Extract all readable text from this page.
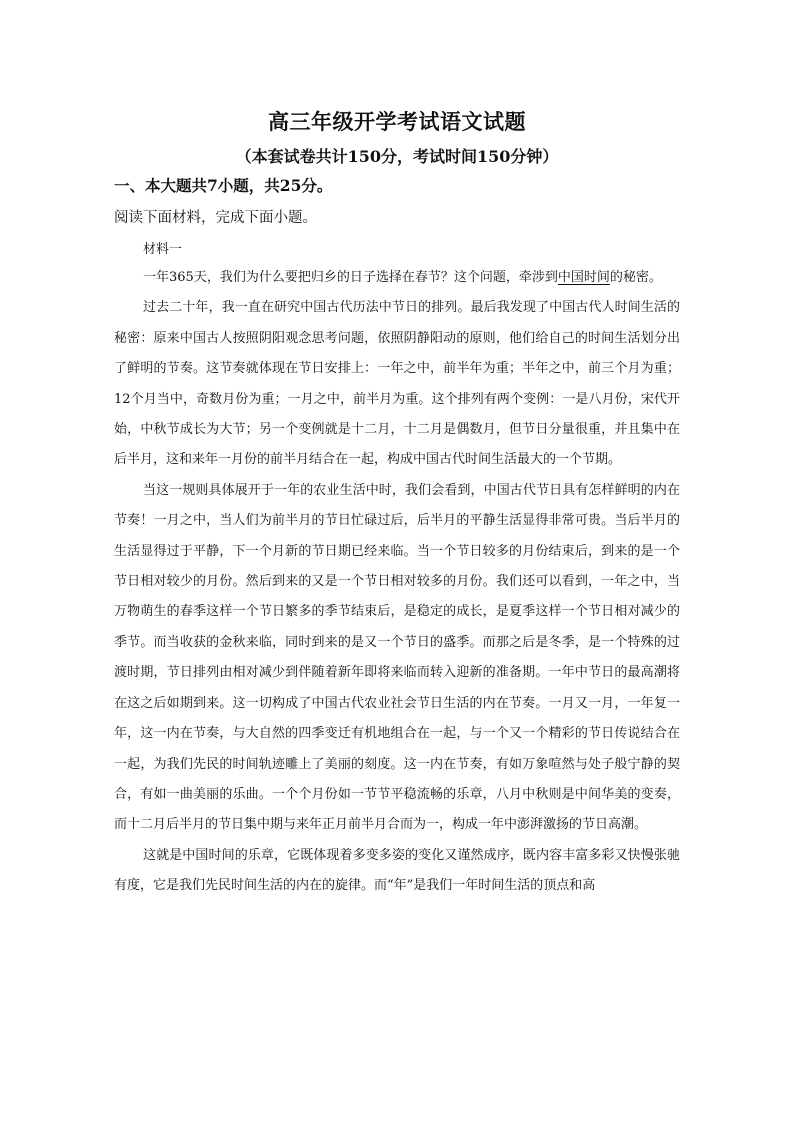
高三年级开学考试语文试题
（本套试卷共计150分，考试时间150分钟）
一、本大题共7小题，共25分。
阅读下面材料，完成下面小题。
材料一

一年365天，我们为什么要把归乡的日子选择在春节？这个问题，牵涉到中国时间的秘密。

过去二十年，我一直在研究中国古代历法中节日的排列。最后我发现了中国古代人时间生活的秘密：原来中国古人按照阴阳观念思考问题，依照阴静阳动的原则，他们给自己的时间生活划分出了鲜明的节奏。这节奏就体现在节日安排上：一年之中，前半年为重；半年之中，前三个月为重；12个月当中，奇数月份为重；一月之中，前半月为重。这个排列有两个变例：一是八月份，宋代开始，中秋节成长为大节；另一个变例就是十二月，十二月是偶数月，但节日分量很重，并且集中在后半月，这和来年一月份的前半月结合在一起，构成中国古代时间生活最大的一个节期。

当这一规则具体展开于一年的农业生活中时，我们会看到，中国古代节日具有怎样鲜明的内在节奏！一月之中，当人们为前半月的节日忙碌过后，后半月的平静生活显得非常可贵。当后半月的生活显得过于平静，下一个月新的节日期已经来临。当一个节日较多的月份结束后，到来的是一个节日相对较少的月份。然后到来的又是一个节日相对较多的月份。我们还可以看到，一年之中，当万物萌生的春季这样一个节日繁多的季节结束后，是稳定的成长，是夏季这样一个节日相对减少的季节。而当收获的金秋来临，同时到来的是又一个节日的盛季。而那之后是冬季，是一个特殊的过渡时期，节日排列由相对减少到伴随着新年即将来临而转入迎新的准备期。一年中节日的最高潮将在这之后如期到来。这一切构成了中国古代农业社会节日生活的内在节奏。一月又一月，一年复一年，这一内在节奏，与大自然的四季变迁有机地组合在一起，与一个又一个精彩的节日传说结合在一起，为我们先民的时间轨迹雕上了美丽的刻度。这一内在节奏，有如万象喧然与处子般宁静的契合，有如一曲美丽的乐曲。一个个月份如一节节平稳流畅的乐章，八月中秋则是中间华美的变奏，而十二月后半月的节日集中期与来年正月前半月合而为一，构成一年中澎湃激扬的节日高潮。

这就是中国时间的乐章，它既体现着多变多姿的变化又谨然成序，既内容丰富多彩又快慢张驰有度，它是我们先民时间生活的内在的旋律。而“年”是我们一年时间生活的顶点和高
